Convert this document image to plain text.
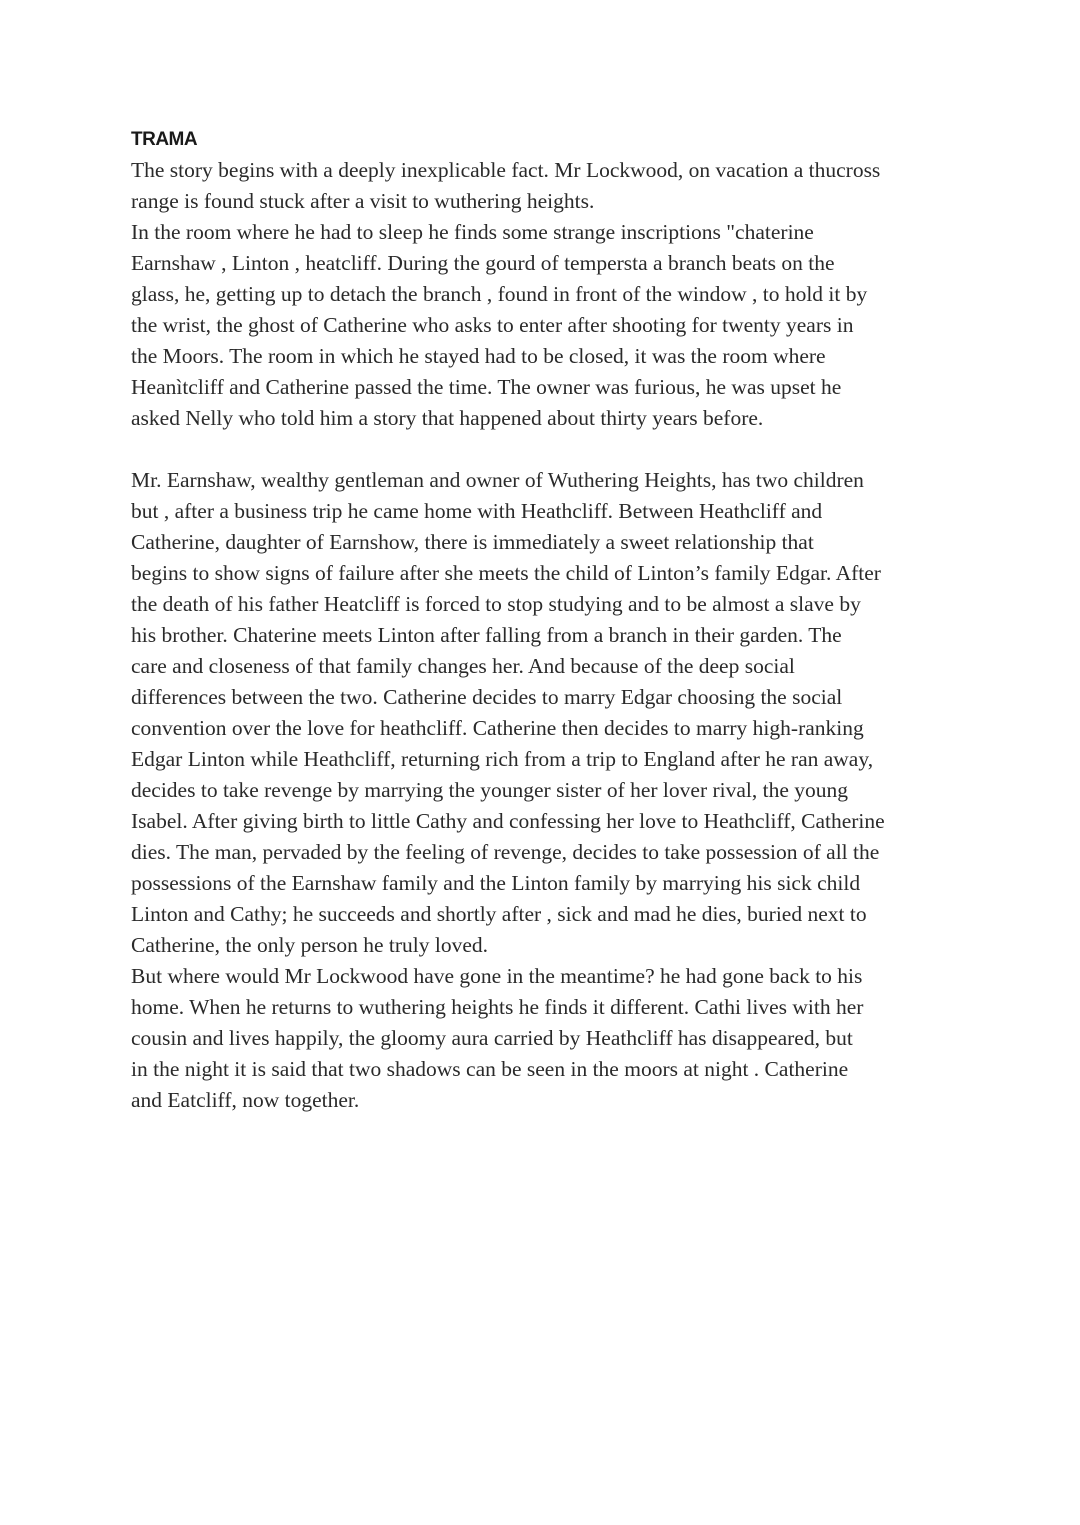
TRAMA
The story begins with a deeply inexplicable fact. Mr Lockwood, on vacation a thucross
range is found stuck after a visit to wuthering heights.
In the room where he had to sleep he finds some strange inscriptions "chaterine
Earnshaw , Linton , heatcliff. During the gourd of tempersta a branch beats on the
glass, he, getting up to detach the branch , found in front of the window , to hold it by
the wrist, the ghost of Catherine who asks to enter after shooting for twenty years in
the Moors. The room in which he stayed had to be closed, it was the room where
Heanìtcliff and Catherine passed the time. The owner was furious, he was upset he
asked Nelly who told him a story that happened about thirty years before.
Mr. Earnshaw, wealthy gentleman and owner of Wuthering Heights, has two children
but , after a business trip he came home with Heathcliff. Between Heathcliff and
Catherine, daughter of Earnshow, there is immediately a sweet relationship that
begins to show signs of failure after she meets the child of Linton’s family Edgar. After
the death of his father Heatcliff is forced to stop studying and to be almost a slave by
his brother. Chaterine meets Linton after falling from a branch in their garden. The
care and closeness of that family changes her. And because of the deep social
differences between the two. Catherine decides to marry Edgar choosing the social
convention over the love for heathcliff. Catherine then decides to marry high-ranking
Edgar Linton while Heathcliff, returning rich from a trip to England after he ran away,
decides to take revenge by marrying the younger sister of her lover rival, the young
Isabel. After giving birth to little Cathy and confessing her love to Heathcliff, Catherine
dies. The man, pervaded by the feeling of revenge, decides to take possession of all the
possessions of the Earnshaw family and the Linton family by marrying his sick child
Linton and Cathy; he succeeds and shortly after , sick and mad he dies, buried next to
Catherine, the only person he truly loved.
But where would Mr Lockwood have gone in the meantime? he had gone back to his
home. When he returns to wuthering heights he finds it different. Cathi lives with her
cousin and lives happily, the gloomy aura carried by Heathcliff has disappeared, but
in the night it is said that two shadows can be seen in the moors at night . Catherine
and Eatcliff, now together.
